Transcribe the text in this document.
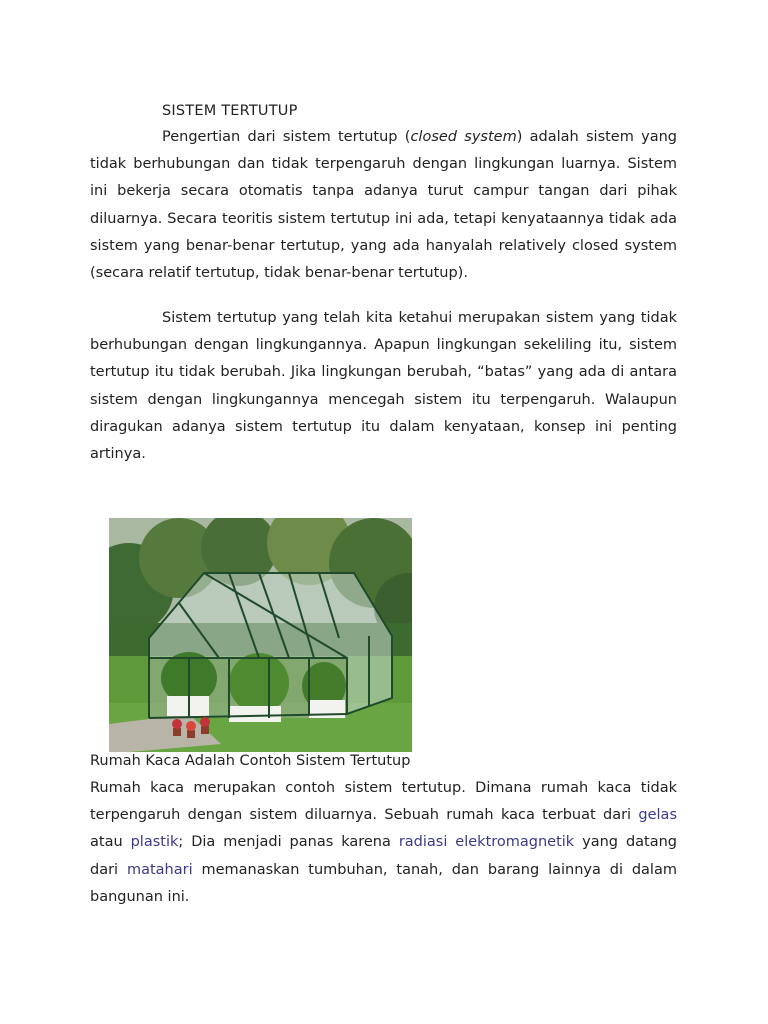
SISTEM TERTUTUP

Pengertian dari sistem tertutup (closed system) adalah sistem yang tidak berhubungan dan tidak terpengaruh dengan lingkungan luarnya. Sistem ini bekerja secara otomatis tanpa adanya turut campur tangan dari pihak diluarnya. Secara teoritis sistem tertutup ini ada, tetapi kenyataannya tidak ada sistem yang benar-benar tertutup, yang ada hanyalah relatively closed system (secara relatif tertutup, tidak benar-benar tertutup).

Sistem tertutup yang telah kita ketahui merupakan sistem yang tidak berhubungan dengan lingkungannya. Apapun lingkungan sekeliling itu, sistem tertutup itu tidak berubah. Jika lingkungan berubah, “batas” yang ada di antara sistem dengan lingkungannya mencegah sistem itu terpengaruh. Walaupun diragukan adanya sistem tertutup itu dalam kenyataan, konsep ini penting artinya.

Rumah Kaca Adalah Contoh Sistem Tertutup

Rumah kaca merupakan contoh sistem tertutup. Dimana rumah kaca tidak terpengaruh dengan sistem diluarnya. Sebuah rumah kaca terbuat dari gelas atau plastik; Dia menjadi panas karena radiasi elektromagnetik yang datang dari matahari memanaskan tumbuhan, tanah, dan barang lainnya di dalam bangunan ini.
